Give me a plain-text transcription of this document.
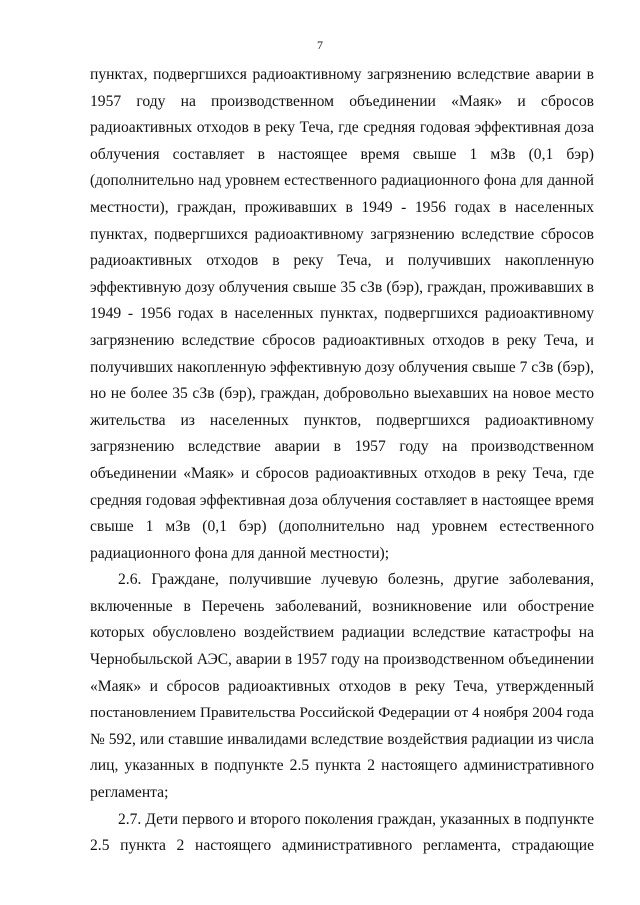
7
пунктах, подвергшихся радиоактивному загрязнению вследствие аварии в
1957 году на производственном объединении «Маяк» и сбросов
радиоактивных отходов в реку Теча, где средняя годовая эффективная доза
облучения составляет в настоящее время свыше 1 мЗв (0,1 бэр)
(дополнительно над уровнем естественного радиационного фона для данной
местности), граждан, проживавших в 1949 - 1956 годах в населенных
пунктах, подвергшихся радиоактивному загрязнению вследствие сбросов
радиоактивных отходов в реку Теча, и получивших накопленную
эффективную дозу облучения свыше 35 сЗв (бэр), граждан, проживавших в
1949 - 1956 годах в населенных пунктах, подвергшихся радиоактивному
загрязнению вследствие сбросов радиоактивных отходов в реку Теча, и
получивших накопленную эффективную дозу облучения свыше 7 сЗв (бэр),
но не более 35 сЗв (бэр), граждан, добровольно выехавших на новое место
жительства из населенных пунктов, подвергшихся радиоактивному
загрязнению вследствие аварии в 1957 году на производственном
объединении «Маяк» и сбросов радиоактивных отходов в реку Теча, где
средняя годовая эффективная доза облучения составляет в настоящее время
свыше 1 мЗв (0,1 бэр) (дополнительно над уровнем естественного
радиационного фона для данной местности);
2.6. Граждане, получившие лучевую болезнь, другие заболевания,
включенные в Перечень заболеваний, возникновение или обострение
которых обусловлено воздействием радиации вследствие катастрофы на
Чернобыльской АЭС, аварии в 1957 году на производственном объединении
«Маяк» и сбросов радиоактивных отходов в реку Теча, утвержденный
постановлением Правительства Российской Федерации от 4 ноября 2004 года
№ 592, или ставшие инвалидами вследствие воздействия радиации из числа
лиц, указанных в подпункте 2.5 пункта 2 настоящего административного
регламента;
2.7. Дети первого и второго поколения граждан, указанных в подпункте
2.5 пункта 2 настоящего административного регламента, страдающие
